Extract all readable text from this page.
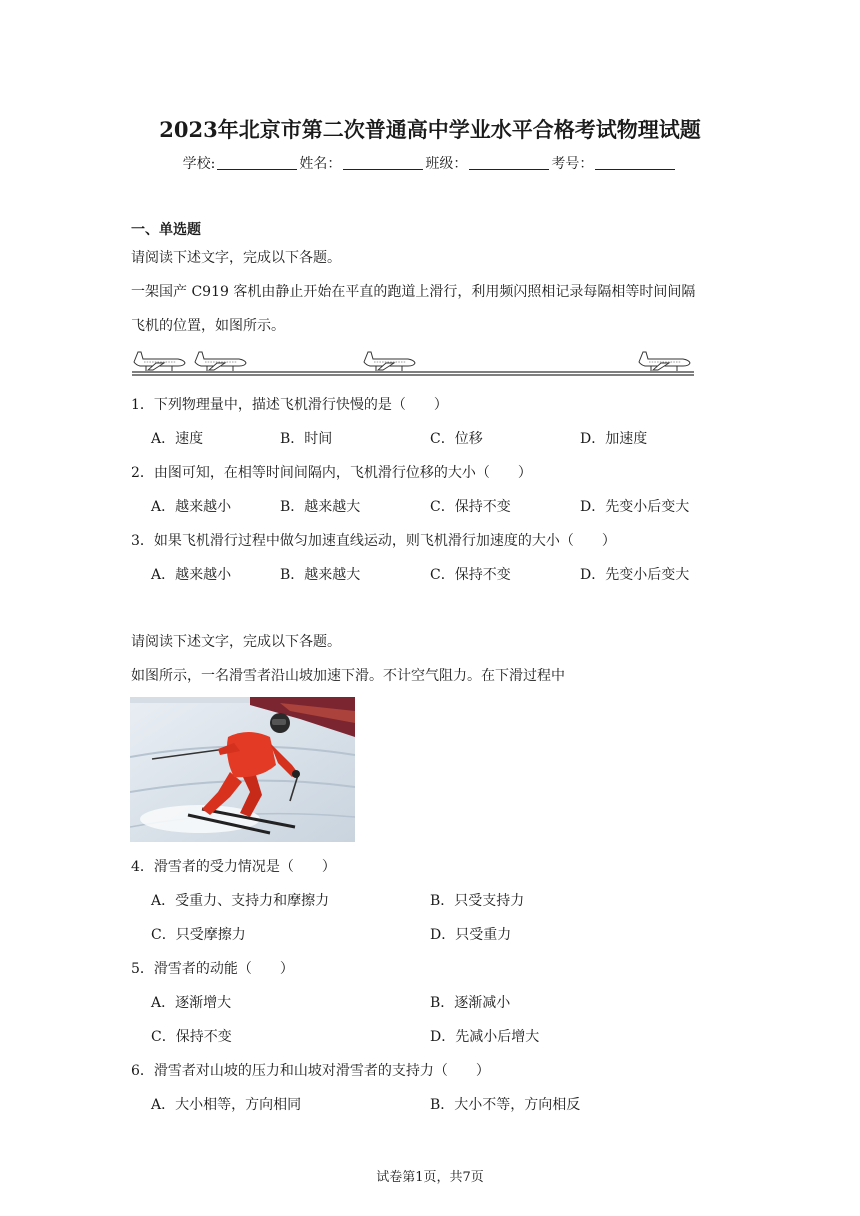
2023年北京市第二次普通高中学业水平合格考试物理试题
学校:	姓名：	班级：	考号：
一、单选题
请阅读下述文字，完成以下各题。
一架国产 C919 客机由静止开始在平直的跑道上滑行，利用频闪照相记录每隔相等时间间隔
飞机的位置，如图所示。
1．下列物理量中，描述飞机滑行快慢的是（　　）
A．速度	B．时间	C．位移	D．加速度
2．由图可知，在相等时间间隔内，飞机滑行位移的大小（　　）
A．越来越小	B．越来越大	C．保持不变	D．先变小后变大
3．如果飞机滑行过程中做匀加速直线运动，则飞机滑行加速度的大小（　　）
A．越来越小	B．越来越大	C．保持不变	D．先变小后变大
请阅读下述文字，完成以下各题。
如图所示，一名滑雪者沿山坡加速下滑。不计空气阻力。在下滑过程中
4．滑雪者的受力情况是（　　）
A．受重力、支持力和摩擦力	B．只受支持力
C．只受摩擦力	D．只受重力
5．滑雪者的动能（　　）
A．逐渐增大	B．逐渐减小
C．保持不变	D．先减小后增大
6．滑雪者对山坡的压力和山坡对滑雪者的支持力（　　）
A．大小相等，方向相同	B．大小不等，方向相反
试卷第1页，共7页
